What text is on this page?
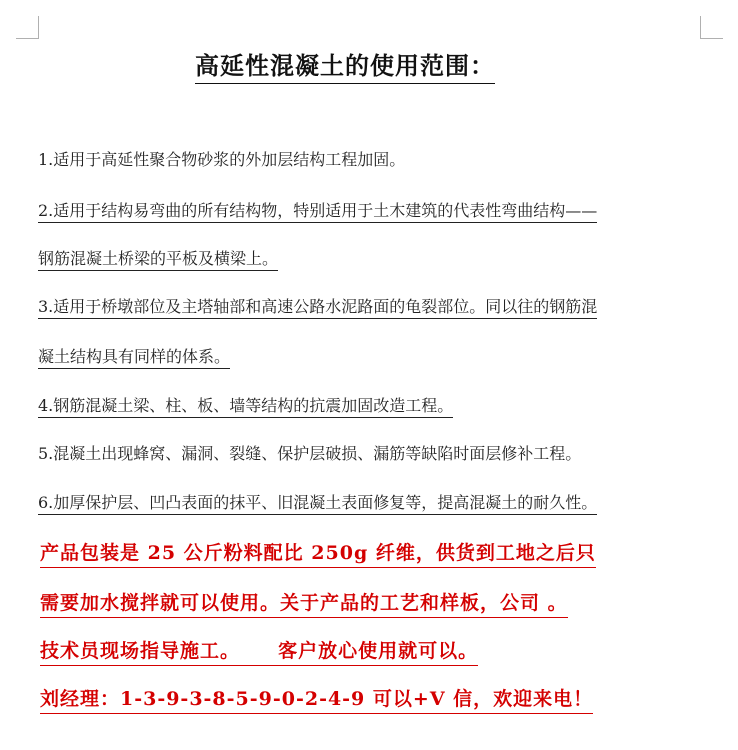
高延性混凝土的使用范围：
1.适用于高延性聚合物砂浆的外加层结构工程加固。
2.适用于结构易弯曲的所有结构物，特别适用于土木建筑的代表性弯曲结构——
钢筋混凝土桥梁的平板及横梁上。
3.适用于桥墩部位及主塔轴部和高速公路水泥路面的龟裂部位。同以往的钢筋混
凝土结构具有同样的体系。
4.钢筋混凝土梁、柱、板、墙等结构的抗震加固改造工程。
5.混凝土出现蜂窝、漏洞、裂缝、保护层破损、漏筋等缺陷时面层修补工程。
6.加厚保护层、凹凸表面的抹平、旧混凝土表面修复等，提高混凝土的耐久性。
产品包装是 25 公斤粉料配比 250g 纤维，供货到工地之后只
需要加水搅拌就可以使用。关于产品的工艺和样板，公司 。
技术员现场指导施工。     客户放心使用就可以。
刘经理：1-3-9-3-8-5-9-0-2-4-9 可以+V 信，欢迎来电！
